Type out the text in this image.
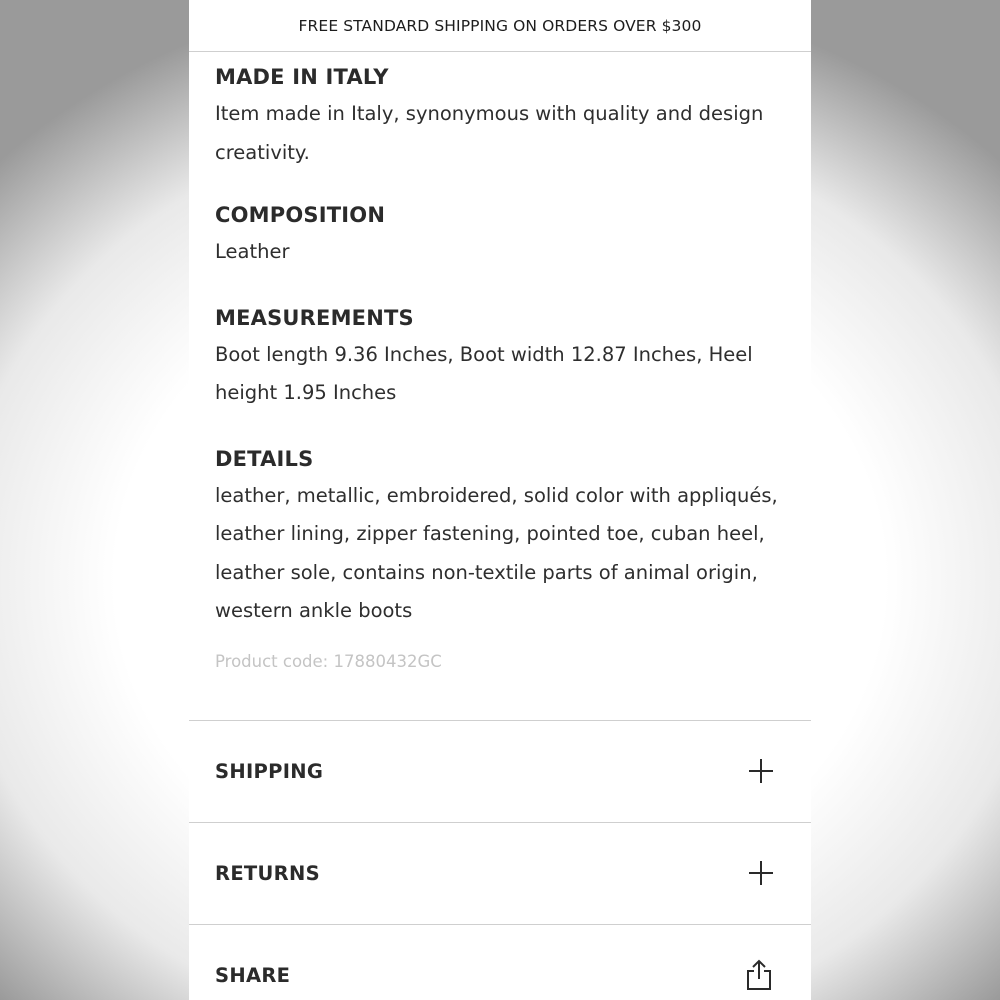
FREE STANDARD SHIPPING ON ORDERS OVER $300
MADE IN ITALY

Item made in Italy, synonymous with quality and design creativity.

COMPOSITION

Leather

MEASUREMENTS

Boot length 9.36 Inches, Boot width 12.87 Inches, Heel height 1.95 Inches

DETAILS

leather, metallic, embroidered, solid color with appliqués, leather lining, zipper fastening, pointed toe, cuban heel, leather sole, contains non-textile parts of animal origin, western ankle boots

Product code: 17880432GC
SHIPPING
RETURNS
SHARE
